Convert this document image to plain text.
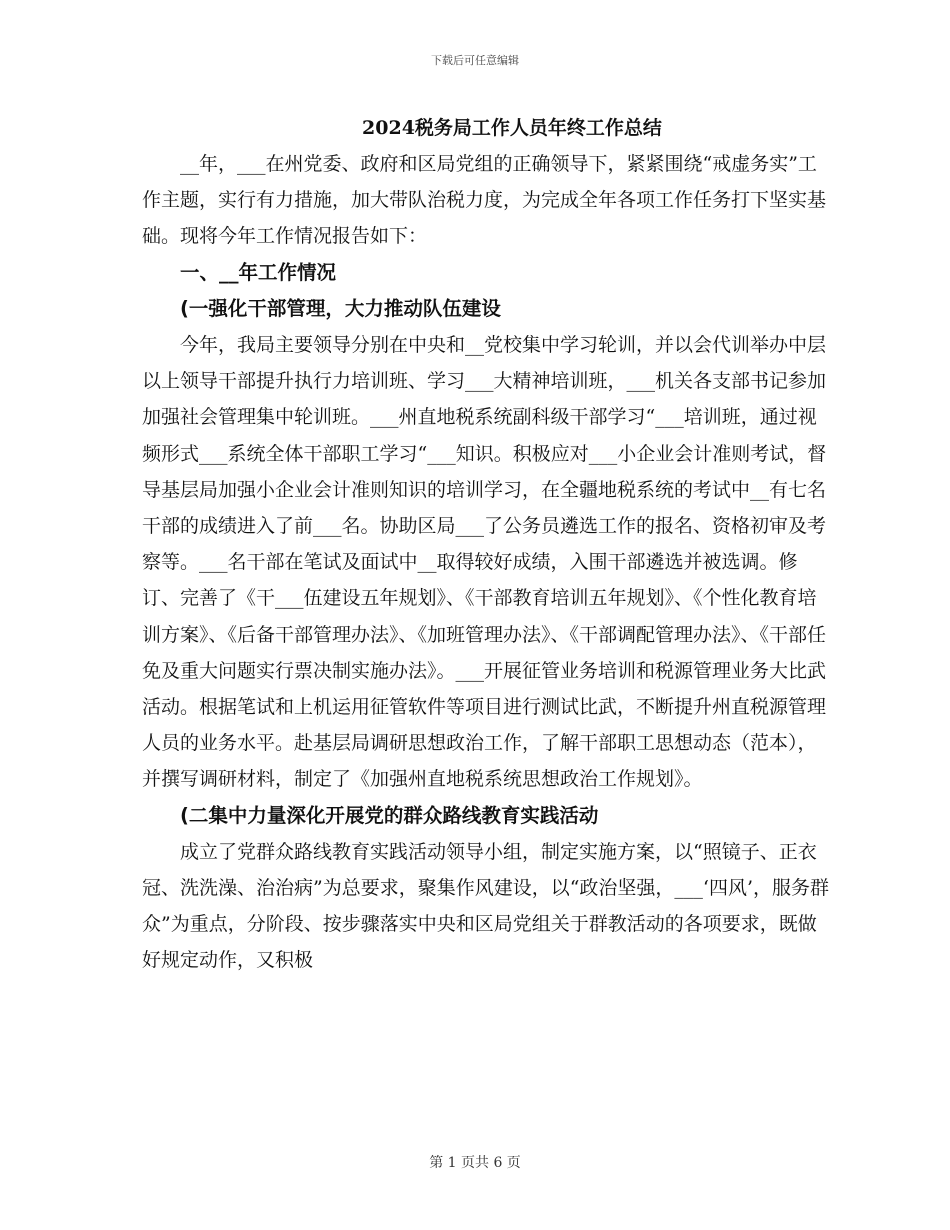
下载后可任意编辑
2024税务局工作人员年终工作总结

__年，___在州党委、政府和区局党组的正确领导下，紧紧围绕“戒虚务实”工作主题，实行有力措施，加大带队治税力度，为完成全年各项工作任务打下坚实基础。现将今年工作情况报告如下：

一、__年工作情况
(一强化干部管理，大力推动队伍建设

今年，我局主要领导分别在中央和__党校集中学习轮训，并以会代训举办中层以上领导干部提升执行力培训班、学习___大精神培训班，___机关各支部书记参加加强社会管理集中轮训班。___州直地税系统副科级干部学习“___培训班，通过视频形式___系统全体干部职工学习“___知识。积极应对___小企业会计准则考试，督导基层局加强小企业会计准则知识的培训学习，在全疆地税系统的考试中__有七名干部的成绩进入了前___名。协助区局___了公务员遴选工作的报名、资格初审及考察等。___名干部在笔试及面试中__取得较好成绩，入围干部遴选并被选调。修订、完善了《干___伍建设五年规划》、《干部教育培训五年规划》、《个性化教育培训方案》、《后备干部管理办法》、《加班管理办法》、《干部调配管理办法》、《干部任免及重大问题实行票决制实施办法》。___开展征管业务培训和税源管理业务大比武活动。根据笔试和上机运用征管软件等项目进行测试比武，不断提升州直税源管理人员的业务水平。赴基层局调研思想政治工作，了解干部职工思想动态（范本），并撰写调研材料，制定了《加强州直地税系统思想政治工作规划》。

(二集中力量深化开展党的群众路线教育实践活动

成立了党群众路线教育实践活动领导小组，制定实施方案，以“照镜子、正衣冠、洗洗澡、治治病”为总要求，聚集作风建设，以“政治坚强，___‘四风’，服务群众”为重点，分阶段、按步骤落实中央和区局党组关于群教活动的各项要求，既做好规定动作，又积极

第 1 页共 6 页
